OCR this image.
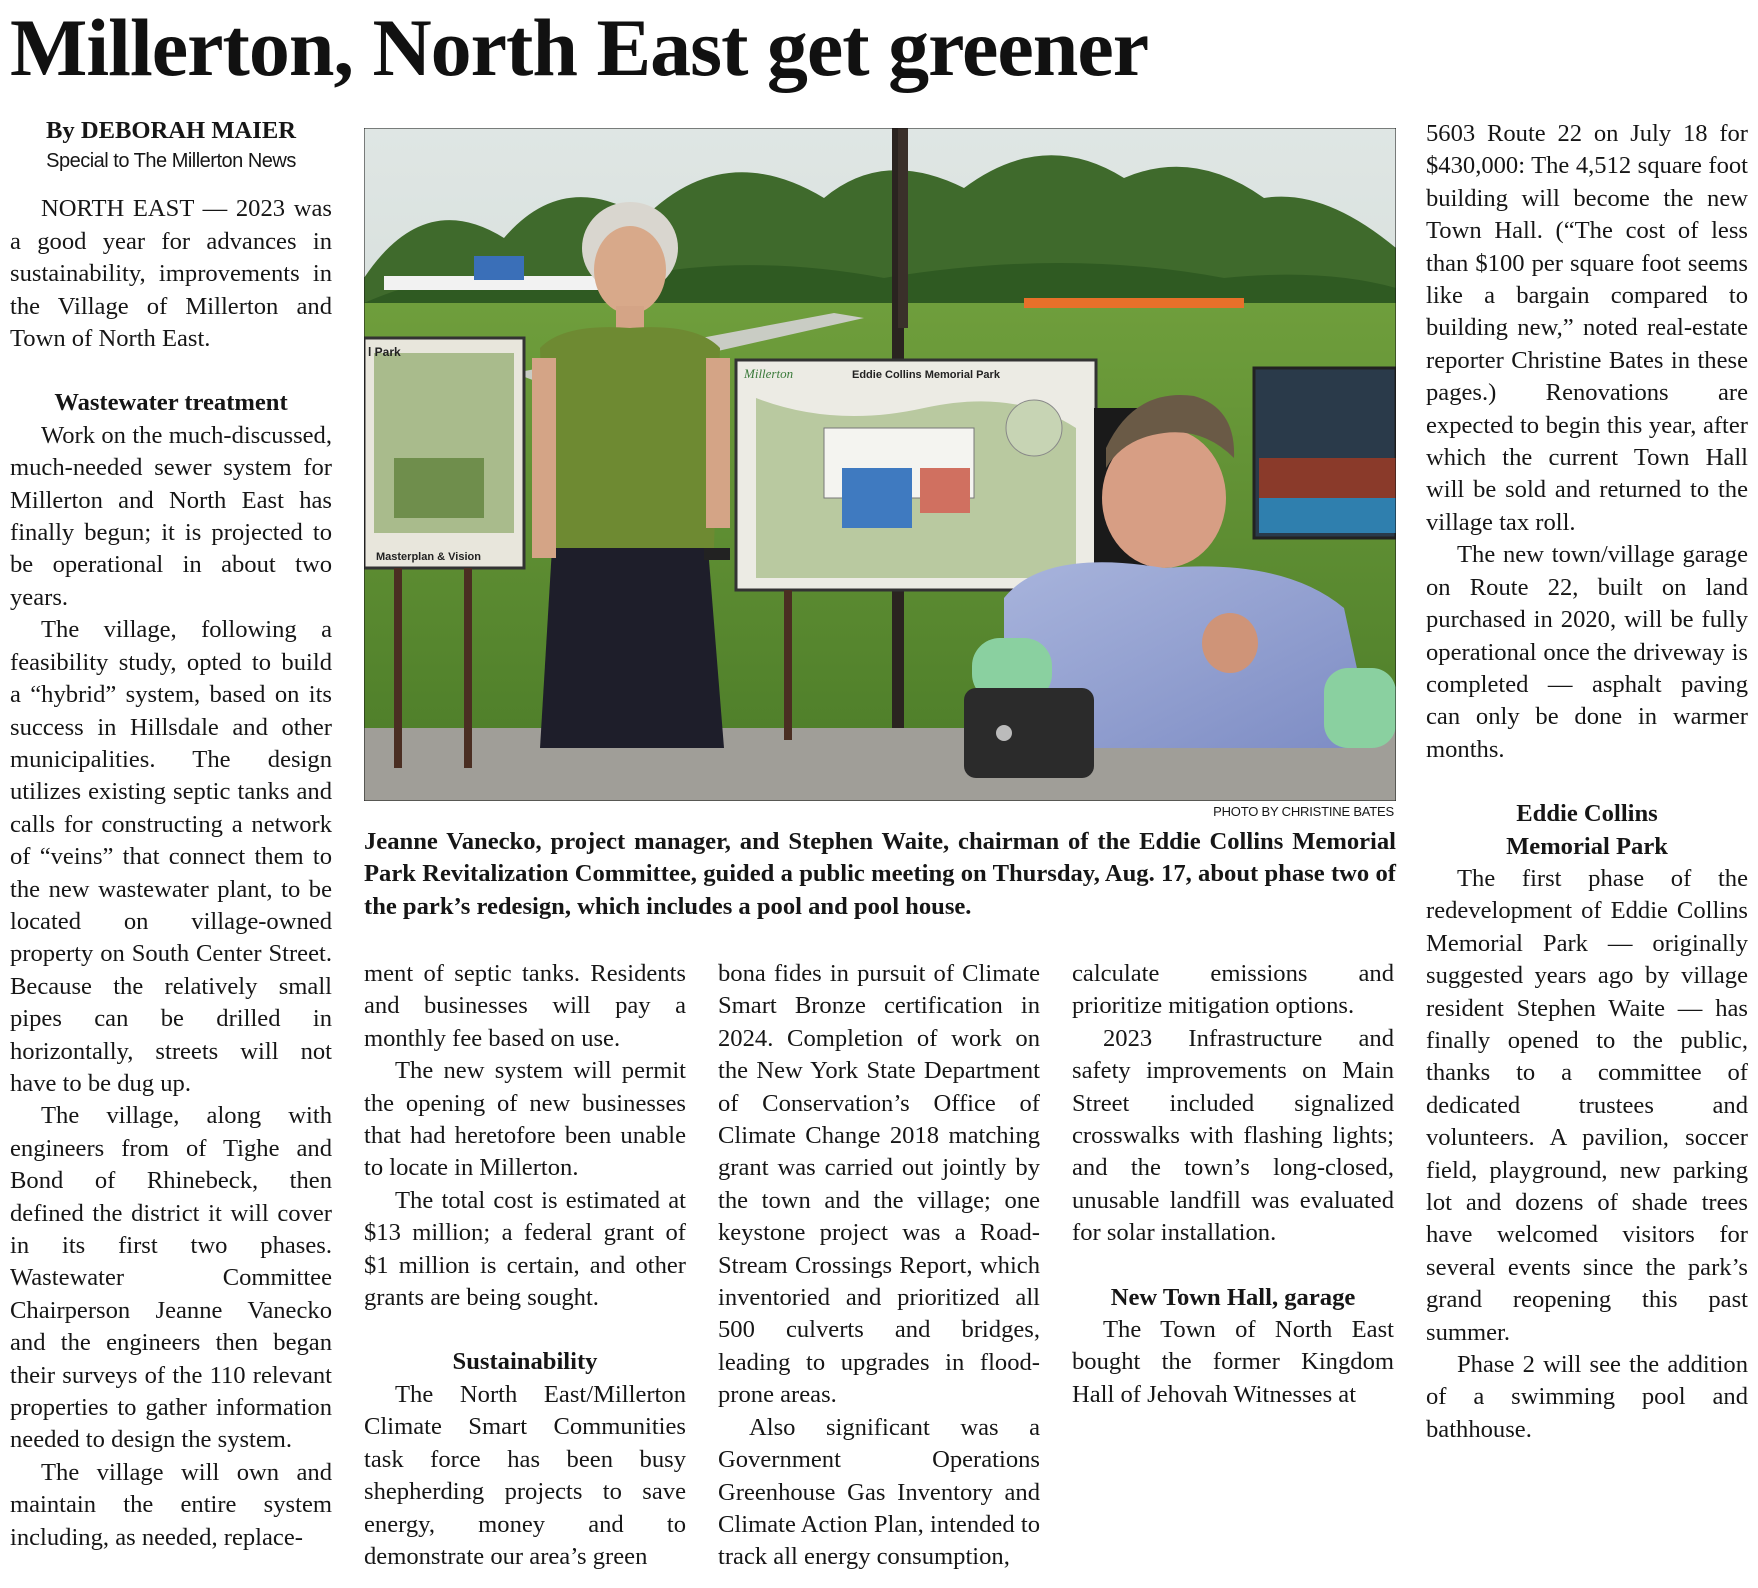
Millerton, North East get greener
By DEBORAH MAIER
Special to The Millerton News

NORTH EAST — 2023 was a good year for advances in sustainability, improvements in the Village of Millerton and Town of North East.

Wastewater treatment

Work on the much-discussed, much-needed sewer system for Millerton and North East has finally begun; it is projected to be operational in about two years.

The village, following a feasibility study, opted to build a “hybrid” system, based on its success in Hillsdale and other municipalities. The design utilizes existing septic tanks and calls for constructing a network of “veins” that connect them to the new wastewater plant, to be located on village-owned property on South Center Street. Because the relatively small pipes can be drilled in horizontally, streets will not have to be dug up.

The village, along with engineers from of Tighe and Bond of Rhinebeck, then defined the district it will cover in its first two phases. Wastewater Committee Chairperson Jeanne Vanecko and the engineers then began their surveys of the 110 relevant properties to gather information needed to design the system.

The village will own and maintain the entire system including, as needed, replace-

l Park
Masterplan & Vision
Millerton	Eddie Collins Memorial Park
PHOTO BY CHRISTINE BATES

Jeanne Vanecko, project manager, and Stephen Waite, chairman of the Eddie Collins Memorial Park Revitalization Committee, guided a public meeting on Thursday, Aug. 17, about phase two of the park’s redesign, which includes a pool and pool house.

ment of septic tanks. Residents and businesses will pay a monthly fee based on use.

The new system will permit the opening of new businesses that had heretofore been unable to locate in Millerton.

The total cost is estimated at $13 million; a federal grant of $1 million is certain, and other grants are being sought.

Sustainability

The North East/Millerton Climate Smart Communities task force has been busy shepherding projects to save energy, money and to demonstrate our area’s green

bona fides in pursuit of Climate Smart Bronze certification in 2024. Completion of work on the New York State Department of Conservation’s Office of Climate Change 2018 matching grant was carried out jointly by the town and the village; one keystone project was a Road-Stream Crossings Report, which inventoried and prioritized all 500 culverts and bridges, leading to upgrades in flood-prone areas.

Also significant was a Government Operations Greenhouse Gas Inventory and Climate Action Plan, intended to track all energy consumption,

calculate emissions and prioritize mitigation options.

2023 Infrastructure and safety improvements on Main Street included signalized crosswalks with flashing lights; and the town’s long-closed, unusable landfill was evaluated for solar installation.

New Town Hall, garage

The Town of North East bought the former Kingdom Hall of Jehovah Witnesses at

5603 Route 22 on July 18 for $430,000: The 4,512 square foot building will become the new Town Hall. (“The cost of less than $100 per square foot seems like a bargain compared to building new,” noted real-estate reporter Christine Bates in these pages.) Renovations are expected to begin this year, after which the current Town Hall will be sold and returned to the village tax roll.

The new town/village garage on Route 22, built on land purchased in 2020, will be fully operational once the driveway is completed — asphalt paving can only be done in warmer months.

Eddie Collins Memorial Park

The first phase of the redevelopment of Eddie Collins Memorial Park — originally suggested years ago by village resident Stephen Waite — has finally opened to the public, thanks to a committee of dedicated trustees and volunteers. A pavilion, soccer field, playground, new parking lot and dozens of shade trees have welcomed visitors for several events since the park’s grand reopening this past summer.

Phase 2 will see the addition of a swimming pool and bathhouse.
